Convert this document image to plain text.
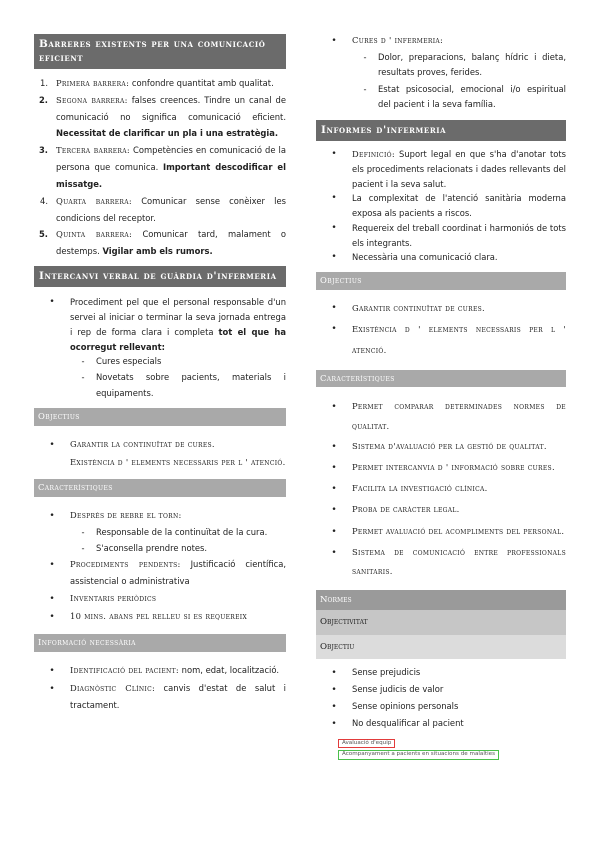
Barreres existents per una comunicació eficient
1. Primera barrera: confondre quantitat amb qualitat.
2. Segona barrera: falses creences. Tindre un canal de comunicació no significa comunicació eficient. Necessitat de clarificar un pla i una estratègia.
3. Tercera barrera: Competències en comunicació de la persona que comunica. Important descodificar el missatge.
4. Quarta barrera: Comunicar sense conèixer les condicions del receptor.
5. Quinta barrera: Comunicar tard, malament o destemps. Vigilar amb els rumors.
Intercanvi verbal de guàrdia d'infermeria
•	Procediment pel que el personal responsable d'un servei al iniciar o terminar la seva jornada entrega i rep de forma clara i completa tot el que ha ocorregut rellevant:
-	Cures especials
-	Novetats sobre pacients, materials i equipaments.
Objectius
•	Garantir la continuïtat de cures.
Existència d ' elements necessaris per l ' atenció.
Característiques
•	Després de rebre el torn:
-	Responsable de la continuïtat de la cura.
-	S'aconsella prendre notes.
•	Procediments pendents: Justificació científica, assistencial o administrativa
•	Inventaris periòdics
•	10 mins. abans pel relleu si es requereix
Informació necessària
•	Identificació del pacient: nom, edat, localització.
•	Diagnòstic Clínic: canvis d'estat de salut i tractament.
•	Cures d ' infermeria:
-	Dolor, preparacions, balanç hídric i dieta, resultats proves, ferides.
-	Estat psicosocial, emocional i/o espiritual del pacient i la seva família.
Informes d'infermeria
•	Definició: Suport legal en que s'ha d'anotar tots els procediments relacionats i dades rellevants del pacient i la seva salut.
•	La complexitat de l'atenció sanitària moderna exposa als pacients a riscos.
•	Requereix del treball coordinat i harmoniós de tots els integrants.
•	Necessària una comunicació clara.
Objectius
•	Garantir continuïtat de cures.
•	Existència d ' elements necessaris per l ' atenció.
Característiques
•	Permet comparar determinades normes de qualitat.
•	Sistema d'avaluació per la gestió de qualitat.
•	Permet intercanvia d ' informació sobre cures.
•	Facilita la investigació clínica.
•	Proba de caràcter legal.
•	Permet avaluació del acompliments del personal.
•	Sistema de comunicació entre professionals sanitaris.
Normes
Objectivitat
Objectiu
•	Sense prejudicis
•	Sense judicis de valor
•	Sense opinions personals
•	No desqualificar al pacient
Avaluació d'equip
Acompanyament a pacients en situacions de malalties
